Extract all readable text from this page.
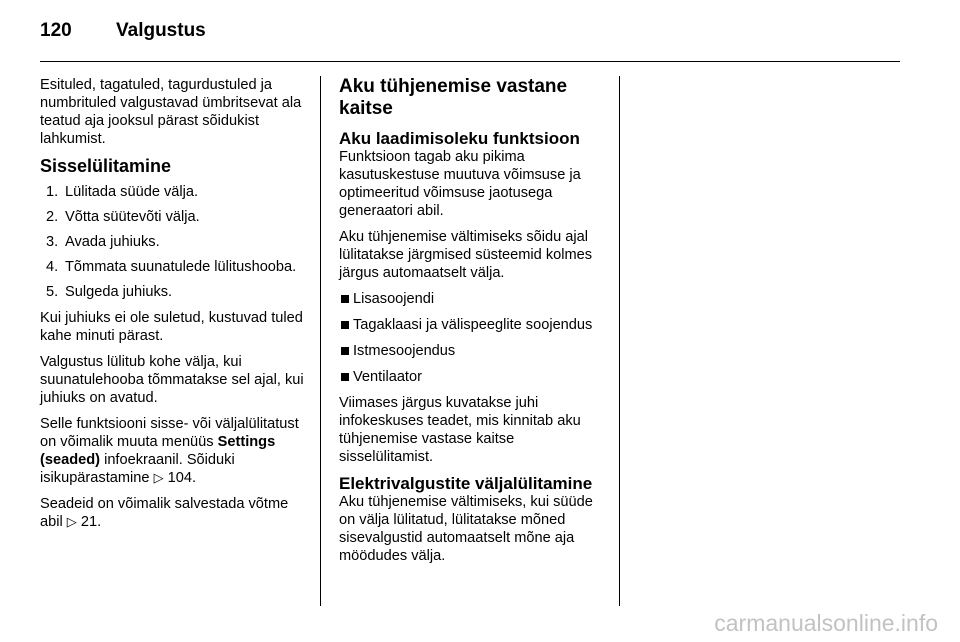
120 Valgustus

Esituled, tagatuled, tagurdustuled ja numbrituled valgustavad ümbritsevat ala teatud aja jooksul pärast sõidukist lahkumist.

Sisselülitamine
1. Lülitada süüde välja.
2. Võtta süütevõti välja.
3. Avada juhiuks.
4. Tõmmata suunatulede lülitushooba.
5. Sulgeda juhiuks.

Kui juhiuks ei ole suletud, kustuvad tuled kahe minuti pärast.

Valgustus lülitub kohe välja, kui suunatulehooba tõmmatakse sel ajal, kui juhiuks on avatud.

Selle funktsiooni sisse- või väljalülitatust on võimalik muuta menüüs Settings (seaded) infoekraanil. Sõiduki isikupärastamine ▷ 104.

Seadeid on võimalik salvestada võtme abil ▷ 21.

Aku tühjenemise vastane kaitse
Aku laadimisoleku funktsioon

Funktsioon tagab aku pikima kasutuskestuse muutuva võimsuse ja optimeeritud võimsuse jaotusega generaatori abil.

Aku tühjenemise vältimiseks sõidu ajal lülitatakse järgmised süsteemid kolmes järgus automaatselt välja.

Lisasoojendi
Tagaklaasi ja välispeeglite soojendus
Istmesoojendus
Ventilaator

Viimases järgus kuvatakse juhi infokeskuses teadet, mis kinnitab aku tühjenemise vastase kaitse sisselülitamist.

Elektrivalgustite väljalülitamine

Aku tühjenemise vältimiseks, kui süüde on välja lülitatud, lülitatakse mõned sisevalgustid automaatselt mõne aja möödudes välja.

carmanualsonline.info
